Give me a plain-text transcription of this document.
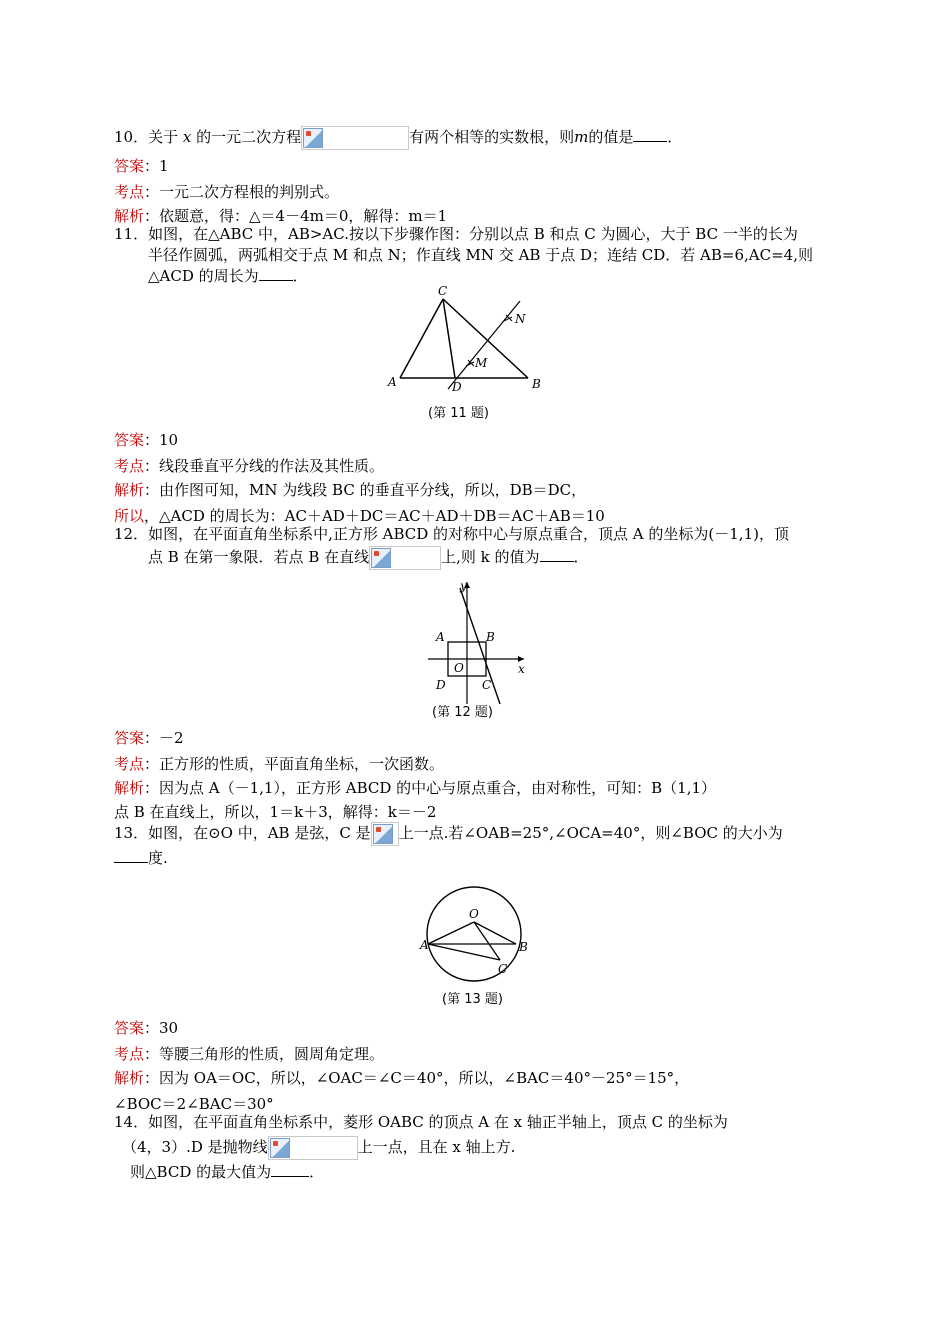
10．关于 x 的一元二次方程	有两个相等的实数根，则m的值是 ．
答案：1
考点：一元二次方程根的判别式。
解析：依题意，得：△＝4－4m＝0，解得：m＝1
11．如图，在△ABC 中，AB>AC.按以下步骤作图：分别以点 B 和点 C 为圆心，大于 BC 一半的长为
半径作圆弧，两弧相交于点 M 和点 N；作直线 MN 交 AB 于点 D；连结 CD．若 AB=6,AC=4,则
△ACD 的周长为 ．
C
N
M
A	D	B
(第 11 题)
答案：10
考点：线段垂直平分线的作法及其性质。
解析：由作图可知，MN 为线段 BC 的垂直平分线，所以，DB＝DC，
所以，△ACD 的周长为：AC＋AD＋DC＝AC＋AD＋DB＝AC＋AB＝10
12．如图，在平面直角坐标系中,正方形 ABCD 的对称中心与原点重合，顶点 A 的坐标为(－1,1)，顶
点 B 在第一象限．若点 B 在直线	上,则 k 的值为 ．
y
x
A	B
O
D	C
(第 12 题)
答案：－2
考点：正方形的性质，平面直角坐标，一次函数。
解析：因为点 A（－1,1），正方形 ABCD 的中心与原点重合，由对称性，可知：B（1,1）
点 B 在直线上，所以，1＝k＋3，解得：k＝－2
13．如图，在⊙O 中，AB 是弦，C 是 上一点.若∠OAB=25°,∠OCA=40°，则∠BOC 的大小为
度.
O
A	B
C
(第 13 题)
答案：30
考点：等腰三角形的性质，圆周角定理。
解析：因为 OA＝OC，所以，∠OAC＝∠C＝40°，所以，∠BAC＝40°－25°＝15°，
∠BOC＝2∠BAC＝30°
14．如图，在平面直角坐标系中，菱形 OABC 的顶点 A 在 x 轴正半轴上，顶点 C 的坐标为
（4，3）.D 是抛物线	上一点，且在 x 轴上方.
则△BCD 的最大值为	．
